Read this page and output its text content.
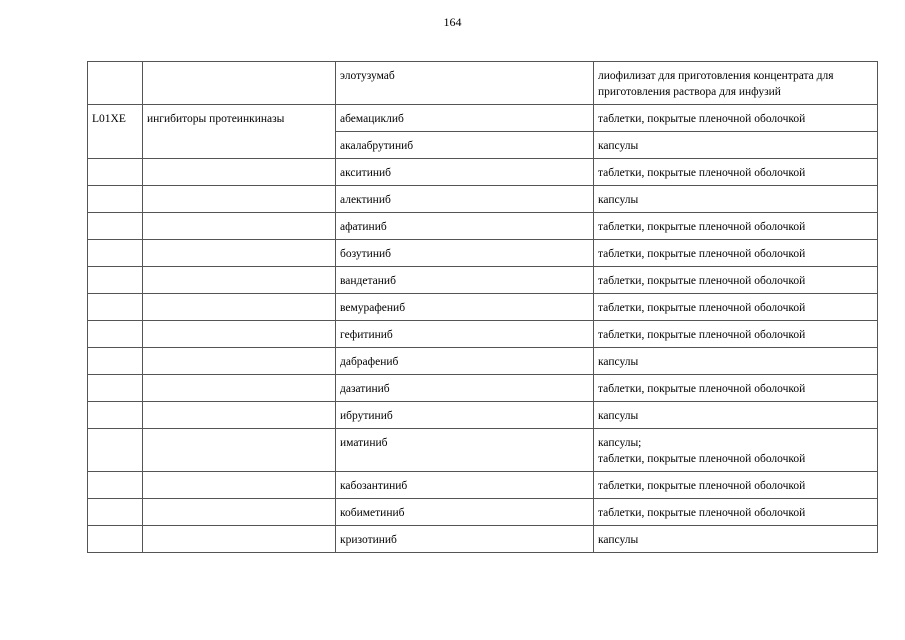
164
		элотузумаб	лиофилизат для приготовления концентрата для
приготовления раствора для инфузий

L01XE	ингибиторы протеинкиназы	абемациклиб	таблетки, покрытые пленочной оболочкой

		акалабрутиниб	капсулы

		акситиниб	таблетки, покрытые пленочной оболочкой

		алектиниб	капсулы

		афатиниб	таблетки, покрытые пленочной оболочкой

		бозутиниб	таблетки, покрытые пленочной оболочкой

		вандетаниб	таблетки, покрытые пленочной оболочкой

		вемурафениб	таблетки, покрытые пленочной оболочкой

		гефитиниб	таблетки, покрытые пленочной оболочкой

		дабрафениб	капсулы

		дазатиниб	таблетки, покрытые пленочной оболочкой

		ибрутиниб	капсулы

		иматиниб	капсулы;
таблетки, покрытые пленочной оболочкой

		кабозантиниб	таблетки, покрытые пленочной оболочкой

		кобиметиниб	таблетки, покрытые пленочной оболочкой

		кризотиниб	капсулы
